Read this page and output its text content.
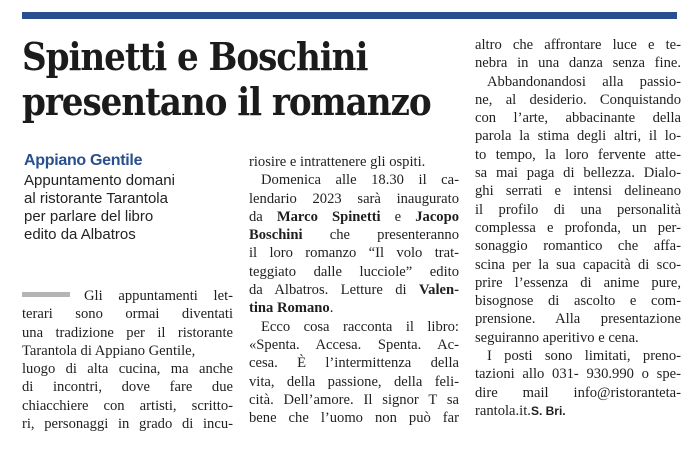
Spinetti e Boschini
presentano il romanzo
Appiano Gentile
Appuntamento domani
al ristorante Tarantola
per parlare del libro
edito da Albatros
Gli appuntamenti let-
terari sono ormai diventati
una tradizione per il ristorante
Tarantola di Appiano Gentile,
luogo di alta cucina, ma anche
di incontri, dove fare due
chiacchiere con artisti, scritto-
ri, personaggi in grado di incu-
riosire e intrattenere gli ospiti.
Domenica alle 18.30 il ca-
lendario 2023 sarà inaugurato
da Marco Spinetti e Jacopo
Boschini che presenteranno
il loro romanzo “Il volo trat-
teggiato dalle lucciole” edito
da Albatros. Letture di Valen-
tina Romano.
Ecco cosa racconta il libro:
«Spenta. Accesa. Spenta. Ac-
cesa. È l’intermittenza della
vita, della passione, della feli-
cità. Dell’amore. Il signor T sa
bene che l’uomo non può far
altro che affrontare luce e te-
nebra in una danza senza fine.
Abbandonandosi alla passio-
ne, al desiderio. Conquistando
con l’arte, abbacinante della
parola la stima degli altri, il lo-
to tempo, la loro fervente atte-
sa mai paga di bellezza. Dialo-
ghi serrati e intensi delineano
il profilo di una personalità
complessa e profonda, un per-
sonaggio romantico che affa-
scina per la sua capacità di sco-
prire l’essenza di anime pure,
bisognose di ascolto e com-
prensione. Alla presentazione
seguiranno aperitivo e cena.
I posti sono limitati, preno-
tazioni allo 031- 930.990 o spe-
dire mail info@ristoranteta-
rantola.it.S. Bri.
